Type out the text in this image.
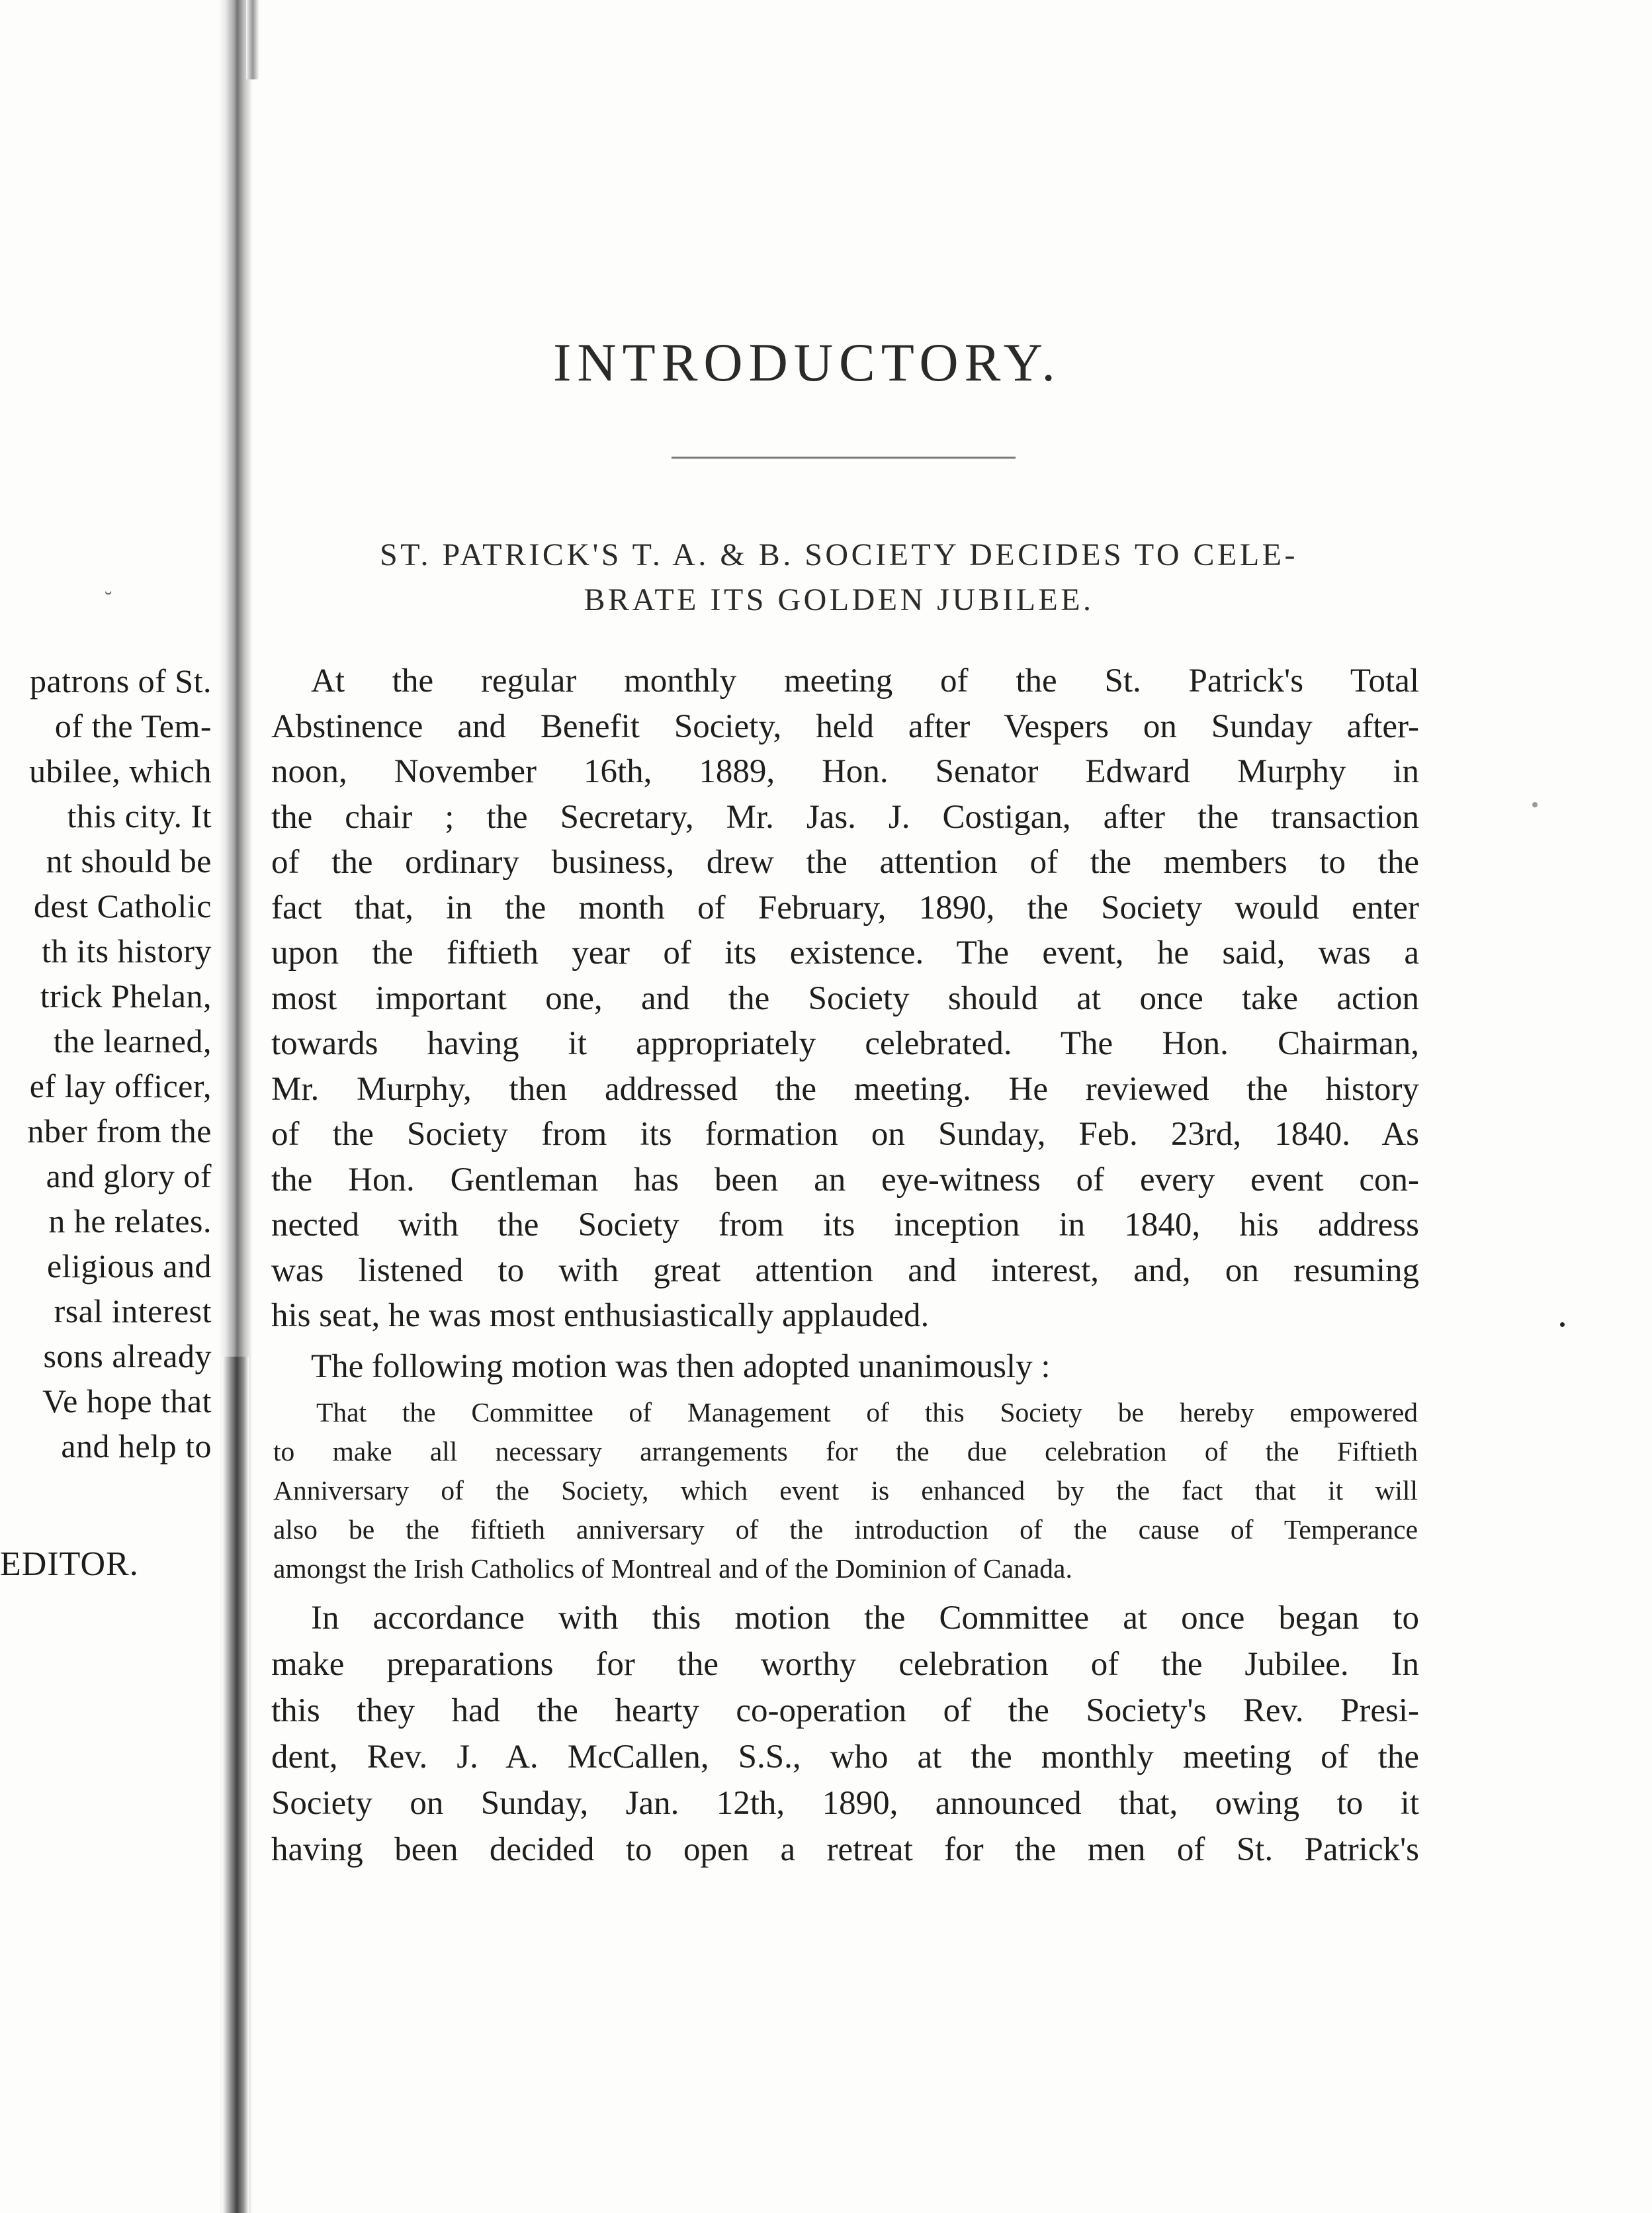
˘
patrons of St.
of the Tem-
ubilee, which
this city. It
nt should be
dest Catholic
th its history
trick Phelan,
the learned,
ef lay officer,
nber from the
and glory of
n he relates.
eligious and
rsal interest
sons already
Ve hope that
and help to
EDITOR.
INTRODUCTORY.
ST. PATRICK'S T. A. & B. SOCIETY DECIDES TO CELE-
BRATE ITS GOLDEN JUBILEE.
At the regular monthly meeting of the St. Patrick's Total
Abstinence and Benefit Society, held after Vespers on Sunday after-
noon, November 16th, 1889, Hon. Senator Edward Murphy in
the chair ; the Secretary, Mr. Jas. J. Costigan, after the transaction
of the ordinary business, drew the attention of the members to the
fact that, in the month of February, 1890, the Society would enter
upon the fiftieth year of its existence. The event, he said, was a
most important one, and the Society should at once take action
towards having it appropriately celebrated. The Hon. Chairman,
Mr. Murphy, then addressed the meeting. He reviewed the history
of the Society from its formation on Sunday, Feb. 23rd, 1840. As
the Hon. Gentleman has been an eye-witness of every event con-
nected with the Society from its inception in 1840, his address
was listened to with great attention and interest, and, on resuming
his seat, he was most enthusiastically applauded.
The following motion was then adopted unanimously :
That the Committee of Management of this Society be hereby empowered
to make all necessary arrangements for the due celebration of the Fiftieth
Anniversary of the Society, which event is enhanced by the fact that it will
also be the fiftieth anniversary of the introduction of the cause of Temperance
amongst the Irish Catholics of Montreal and of the Dominion of Canada.
In accordance with this motion the Committee at once began to
make preparations for the worthy celebration of the Jubilee. In
this they had the hearty co-operation of the Society's Rev. Presi-
dent, Rev. J. A. McCallen, S.S., who at the monthly meeting of the
Society on Sunday, Jan. 12th, 1890, announced that, owing to it
having been decided to open a retreat for the men of St. Patrick's
